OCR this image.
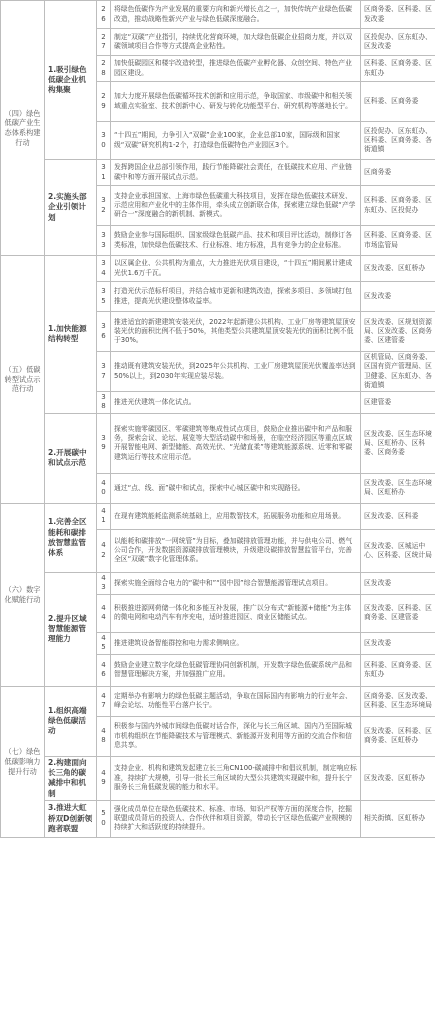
（四）绿色低碳产业生态体系构建行动	1.吸引绿色低碳企业机构集聚	26	将绿色低碳作为产业发展的重要方向和新兴增长点之一，加快传统产业绿色低碳改造，推动战略性新兴产业与绿色低碳深度融合。	区商务委、区科委、区发改委
		27	制定“双碳”产业指引，持续优化营商环境，加大绿色低碳企业招商力度，并以双碳领域项目合作等方式提高企业粘性。	区投促办、区东虹办、区发改委
		28	加快低碳园区和楼宇改造转型，推进绿色低碳产业孵化器、众创空间、特色产业园区建设。	区科委、区商务委、区东虹办
		29	加大力度开展绿色低碳循环技术创新和应用示范，争取国家、市级碳中和相关领域重点实验室、技术创新中心、研发与转化功能型平台、研究机构等落地长宁。	区科委、区商务委
		30	“十四五”期间，力争引入“双碳”企业100家，企业总部10家，国际级和国家级“双碳”研究机构1-2个，打造绿色低碳特色产业园区3个。	区投促办、区东虹办、区科委、区商务委、各街道镇
	2.实施头部企业引领计划	31	发挥跨国企业总部引领作用，践行节能降碳社会责任，在低碳技术应用、产业链碳中和等方面开展试点示范。	区商务委
		32	支持企业承担国家、上海市绿色低碳重大科技项目，发挥在绿色低碳技术研发、示范应用和产业化中的主体作用，牵头成立创新联合体，探索建立绿色低碳“产学研合一”深度融合的新机制、新模式。	区科委、区商务委、区东虹办、区投促办
		33	鼓励企业参与国际组织、国家级绿色低碳产品、技术和项目评比活动，制修订各类标准，加快绿色低碳技术、行业标准、地方标准，具有竞争力的企业标准。	区科委、区商务委、区市场监管局
（五）低碳转型试点示范行动	1.加快能源结构转型	34	以区属企业、公共机构为重点，大力推进光伏项目建设，“十四五”期间累计建成光伏1.6万千瓦。	区发改委、区虹桥办
		35	打造光伏示范标杆项目，并结合城市更新和建筑改造，探索多项目、多领域打包推进，提高光伏建设整体收益率。	区发改委
		36	推进适宜的新建建筑安装光伏，2022年起新建公共机构、工业厂房等建筑屋顶安装光伏的面积比例不低于50%，其他类型公共建筑屋顶安装光伏的面积比例不低于30%。	区发改委、区规划资源局、区发改委、区商务委、区建管委
		37	推动既有建筑安装光伏，到2025年公共机构、工业厂房建筑屋顶光伏覆盖率达到50%以上，到2030年实现应装尽装。	区机管局、区商务委、区国有资产管理局、区卫健委、区东虹办、各街道镇
		38	推进光伏建筑一体化试点。	区建管委
	2.开展碳中和试点示范	39	探索实施零碳园区、零碳建筑等集成性试点项目，鼓励企业推出碳中和产品和服务，探索会议、论坛、展览等大型活动碳中和场景，在临空经济园区等重点区域开展智能电网、新型储能、高效光伏、“光储直柔”等建筑能源系统、近零和零碳建筑运行等技术应用示范。	区发改委、区生态环境局、区虹桥办、区科委、区商务委
		40	通过“点、线、面”碳中和试点，探索中心城区碳中和实现路径。	区发改委、区生态环境局、区虹桥办
（六）数字化赋能行动	1.完善全区能耗和碳排放智慧监管体系	41	在现有建筑能耗监测系统基础上，应用数智技术，拓展服务功能和应用场景。	区发改委、区科委
		42	以能耗和碳排放“一网统管”为目标，叠加碳排放管理功能，并与供电公司、燃气公司合作，开发数据资源碳排放管理模块，升级建设碳排放智慧监管平台，完善全区“双碳”数字化管理体系。	区发改委、区城运中心、区科委、区统计局
	2.提升区域智慧能源管理能力	43	探索实施全面综合电力的“碳中和”“园中园”综合智慧能源管理试点项目。	区发改委
		44	积极推进源网荷储一体化和多能互补发展，推广以分布式“新能源+储能”为主体的微电网和电动汽车有序充电，适时推进园区、商业区储能试点。	区发改委、区科委、区商务委、区建管委
		45	推进建筑设备智能群控和电力需求侧响应。	区发改委
		46	鼓励企业建立数字化绿色低碳管理协同创新机制，开发数字绿色低碳系统产品和智慧管理解决方案，并加强推广应用。	区科委、区商务委、区东虹办
（七）绿色低碳影响力提升行动	1.组织高端绿色低碳活动	47	定期举办有影响力的绿色低碳主题活动，争取在国际国内有影响力的行业年会、峰会论坛、功能性平台落户长宁。	区商务委、区发改委、区科委、区生态环境局
		48	积极参与国内外城市间绿色低碳对话合作，深化与长三角区域、国内乃至国际城市机构组织在节能降碳技术与管理模式、新能源开发利用等方面的交流合作和信息共享。	区发改委、区科委、区商务委、区虹桥办
	2.构建面向长三角的碳减排中和机制	49	支持企业、机构和建筑发起建立长三角CN100-碳减排中和倡议机制，制定响应标准，持续扩大规模，引导一批长三角区域的大型公共建筑实现碳中和，提升长宁服务长三角低碳发展的能力和水平。	区发改委、区虹桥办
	3.推进大虹桥双D创新领跑者联盟	50	强化成员单位在绿色低碳技术、标准、市场、知识产权等方面的深度合作，挖掘联盟成员背后的投资人、合作伙伴和项目资源，带动长宁区绿色低碳产业规模的持续扩大和活跃度的持续提升。	相关街镇、区虹桥办
